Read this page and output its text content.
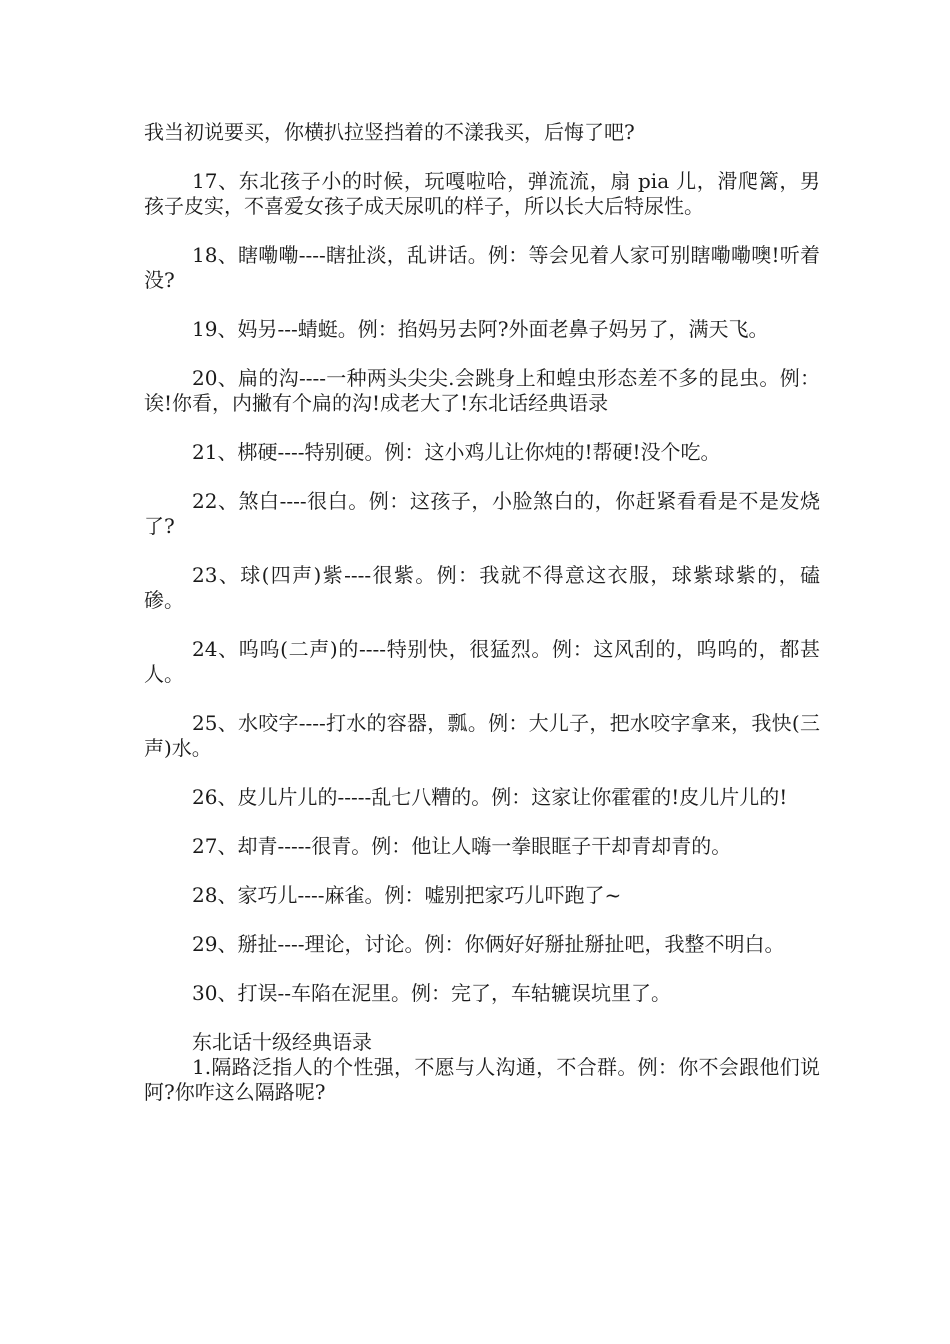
我当初说要买，你横扒拉竖挡着的不漾我买，后悔了吧?

17、东北孩子小的时候，玩嘎啦哈，弹流流，扇 pia 儿，滑爬篱，男孩子皮实，不喜爱女孩子成天尿叽的样子，所以长大后特尿性。

18、瞎嘞嘞----瞎扯淡，乱讲话。例：等会见着人家可别瞎嘞嘞噢!听着没?

19、妈另---蜻蜓。例：掐妈另去阿?外面老鼻子妈另了，满天飞。

20、扁的沟----一种两头尖尖.会跳身上和蝗虫形态差不多的昆虫。例：诶!你看，内撇有个扁的沟!成老大了!东北话经典语录

21、梆硬----特别硬。例：这小鸡儿让你炖的!帮硬!没个吃。

22、煞白----很白。例：这孩子，小脸煞白的，你赶紧看看是不是发烧了?

23、球(四声)紫----很紫。例：我就不得意这衣服，球紫球紫的，磕碜。

24、呜呜(二声)的----特别快，很猛烈。例：这风刮的，呜呜的，都甚人。

25、水咬字----打水的容器，瓢。例：大儿子，把水咬字拿来，我快(三声)水。

26、皮儿片儿的-----乱七八糟的。例：这家让你霍霍的!皮儿片儿的!

27、却青-----很青。例：他让人嗨一拳眼眶子干却青却青的。

28、家巧儿----麻雀。例：嘘别把家巧儿吓跑了~

29、掰扯----理论，讨论。例：你俩好好掰扯掰扯吧，我整不明白。

30、打误--车陷在泥里。例：完了，车轱辘误坑里了。

东北话十级经典语录

1.隔路泛指人的个性强，不愿与人沟通，不合群。例：你不会跟他们说阿?你咋这么隔路呢?
